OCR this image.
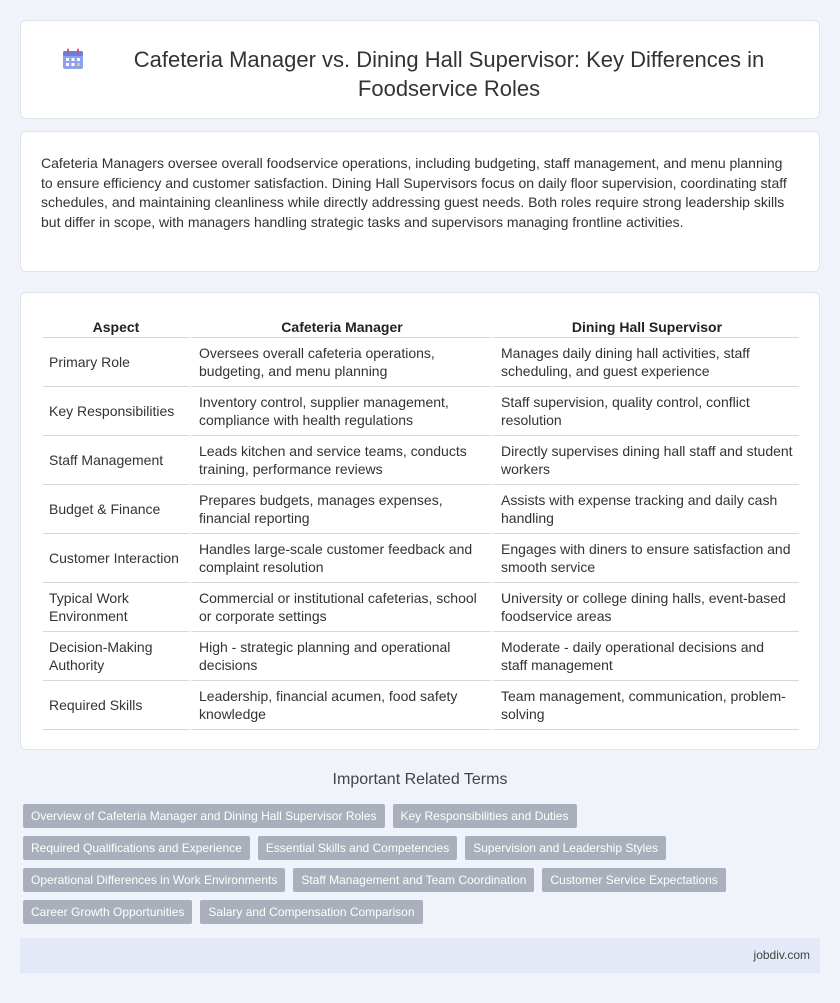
Cafeteria Manager vs. Dining Hall Supervisor: Key Differences in Foodservice Roles

Cafeteria Managers oversee overall foodservice operations, including budgeting, staff management, and menu planning to ensure efficiency and customer satisfaction. Dining Hall Supervisors focus on daily floor supervision, coordinating staff schedules, and maintaining cleanliness while directly addressing guest needs. Both roles require strong leadership skills but differ in scope, with managers handling strategic tasks and supervisors managing frontline activities.

Aspect	Cafeteria Manager	Dining Hall Supervisor
Primary Role	Oversees overall cafeteria operations, budgeting, and menu planning	Manages daily dining hall activities, staff scheduling, and guest experience
Key Responsibilities	Inventory control, supplier management, compliance with health regulations	Staff supervision, quality control, conflict resolution
Staff Management	Leads kitchen and service teams, conducts training, performance reviews	Directly supervises dining hall staff and student workers
Budget & Finance	Prepares budgets, manages expenses, financial reporting	Assists with expense tracking and daily cash handling
Customer Interaction	Handles large-scale customer feedback and complaint resolution	Engages with diners to ensure satisfaction and smooth service
Typical Work Environment	Commercial or institutional cafeterias, school or corporate settings	University or college dining halls, event-based foodservice areas
Decision-Making Authority	High - strategic planning and operational decisions	Moderate - daily operational decisions and staff management
Required Skills	Leadership, financial acumen, food safety knowledge	Team management, communication, problem-solving
Important Related Terms
Overview of Cafeteria Manager and Dining Hall Supervisor Roles	Key Responsibilities and Duties
Required Qualifications and Experience	Essential Skills and Competencies	Supervision and Leadership Styles
Operational Differences in Work Environments	Staff Management and Team Coordination	Customer Service Expectations
Career Growth Opportunities	Salary and Compensation Comparison
jobdiv.com
